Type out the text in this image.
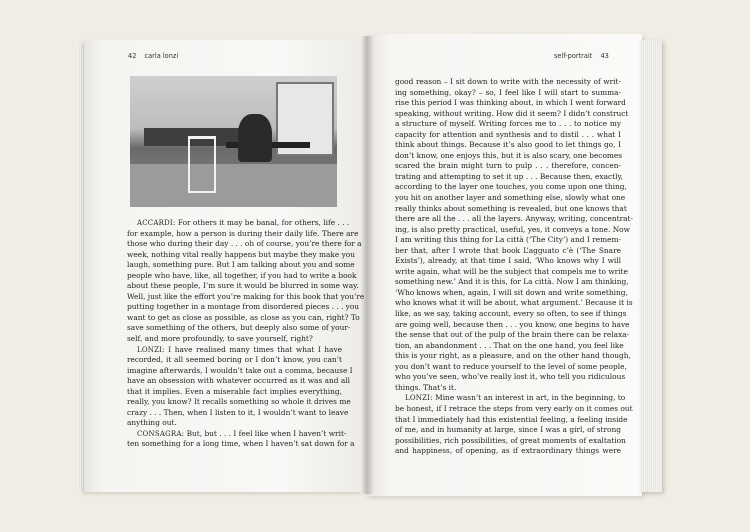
42 carla lonzi	self-portrait 43
ACCARDI: For others it may be banal, for others, life . . .
for example, how a person is during their daily life. There are
those who during their day . . . oh of course, you’re there for a
week, nothing vital really happens but maybe they make you
laugh, something pure. But I am talking about you and some
people who have, like, all together, if you had to write a book
about these people, I’m sure it would be blurred in some way.
Well, just like the effort you’re making for this book that you’re
putting together in a montage from disordered pieces . . . you
want to get as close as possible, as close as you can, right? To
save something of the others, but deeply also some of your-
self, and more profoundly, to save yourself, right?
LONZI: I have realised many times that what I have
recorded, it all seemed boring or I don’t know, you can’t
imagine afterwards, I wouldn’t take out a comma, because I
have an obsession with whatever occurred as it was and all
that it implies. Even a miserable fact implies everything,
really, you know? It recalls something so whole it drives me
crazy . . . Then, when I listen to it, I wouldn’t want to leave
anything out.
CONSAGRA: But, but . . . I feel like when I haven’t writ-
ten something for a long time, when I haven’t sat down for a
good reason – I sit down to write with the necessity of writ-
ing something, okay? – so, I feel like I will start to summa-
rise this period I was thinking about, in which I went forward
speaking, without writing. How did it seem? I didn’t construct
a structure of myself. Writing forces me to . . . to notice my
capacity for attention and synthesis and to distil . . . what I
think about things. Because it’s also good to let things go, I
don’t know, one enjoys this, but it is also scary, one becomes
scared the brain might turn to pulp . . . therefore, concen-
trating and attempting to set it up . . . Because then, exactly,
according to the layer one touches, you come upon one thing,
you hit on another layer and something else, slowly what one
really thinks about something is revealed, but one knows that
there are all the . . . all the layers. Anyway, writing, concentrat-
ing, is also pretty practical, useful, yes, it conveys a tone. Now
I am writing this thing for La città (‘The City’) and I remem-
ber that, after I wrote that book L’agguato c’è (‘The Snare
Exists’), already, at that time I said, ‘Who knows why I will
write again, what will be the subject that compels me to write
something new.’ And it is this, for La città. Now I am thinking,
‘Who knows when, again, I will sit down and write something,
who knows what it will be about, what argument.’ Because it is
like, as we say, taking account, every so often, to see if things
are going well, because then . . . you know, one begins to have
the sense that out of the pulp of the brain there can be relaxa-
tion, an abandonment . . . That on the one hand, you feel like
this is your right, as a pleasure, and on the other hand though,
you don’t want to reduce yourself to the level of some people,
who you’ve seen, who’ve really lost it, who tell you ridiculous
things. That’s it.
LONZI: Mine wasn’t an interest in art, in the beginning, to
be honest, if I retrace the steps from very early on it comes out
that I immediately had this existential feeling, a feeling inside
of me, and in humanity at large, since I was a girl, of strong
possibilities, rich possibilities, of great moments of exaltation
and happiness, of opening, as if extraordinary things were
